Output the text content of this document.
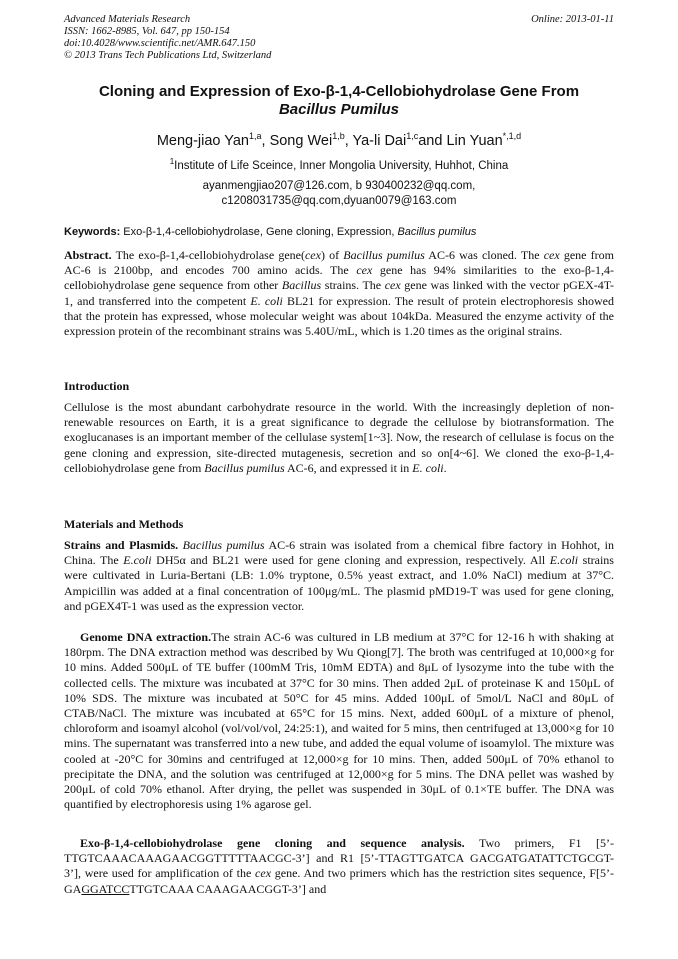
Advanced Materials Research
ISSN: 1662-8985, Vol. 647, pp 150-154
doi:10.4028/www.scientific.net/AMR.647.150
© 2013 Trans Tech Publications Ltd, Switzerland
Online: 2013-01-11
Cloning and Expression of Exo-β-1,4-Cellobiohydrolase Gene From
Bacillus Pumilus
Meng-jiao Yan$^{1,a}$, Song Wei$^{1,b}$, Ya-li Dai$^{1,c}$and Lin Yuan$^{*,1,d}$
$^1$Institute of Life Sceince, Inner Mongolia University, Huhhot, China
ayanmengjiao207@126.com, b 930400232@qq.com,
c1208031735@qq.com,dyuan0079@163.com
Keywords: Exo-β-1,4-cellobiohydrolase, Gene cloning, Expression, Bacillus pumilus
Abstract. The exo-β-1,4-cellobiohydrolase gene(cex) of Bacillus pumilus AC-6 was cloned. The cex gene from AC-6 is 2100bp, and encodes 700 amino acids. The cex gene has 94% similarities to the exo-β-1,4-cellobiohydrolase gene sequence from other Bacillus strains. The cex gene was linked with the vector pGEX-4T-1, and transferred into the competent E. coli BL21 for expression. The result of protein electrophoresis showed that the protein has expressed, whose molecular weight was about 104kDa. Measured the enzyme activity of the expression protein of the recombinant strains was 5.40U/mL, which is 1.20 times as the original strains.
Introduction
Cellulose is the most abundant carbohydrate resource in the world. With the increasingly depletion of non-renewable resources on Earth, it is a great significance to degrade the cellulose by biotransformation. The exoglucanases is an important member of the cellulase system[1~3]. Now, the research of cellulase is focus on the gene cloning and expression, site-directed mutagenesis, secretion and so on[4~6]. We cloned the exo-β-1,4-cellobiohydrolase gene from Bacillus pumilus AC-6, and expressed it in E. coli.
Materials and Methods
Strains and Plasmids. Bacillus pumilus AC-6 strain was isolated from a chemical fibre factory in Hohhot, in China. The E.coli DH5α and BL21 were used for gene cloning and expression, respectively. All E.coli strains were cultivated in Luria-Bertani (LB: 1.0% tryptone, 0.5% yeast extract, and 1.0% NaCl) medium at 37°C. Ampicillin was added at a final concentration of 100μg/mL. The plasmid pMD19-T was used for gene cloning, and pGEX4T-1 was used as the expression vector.
Genome DNA extraction.The strain AC-6 was cultured in LB medium at 37°C for 12-16 h with shaking at 180rpm. The DNA extraction method was described by Wu Qiong[7]. The broth was centrifuged at 10,000×g for 10 mins. Added 500μL of TE buffer (100mM Tris, 10mM EDTA) and 8μL of lysozyme into the tube with the collected cells. The mixture was incubated at 37°C for 30 mins. Then added 2μL of proteinase K and 150μL of 10% SDS. The mixture was incubated at 50°C for 45 mins. Added 100μL of 5mol/L NaCl and 80μL of CTAB/NaCl. The mixture was incubated at 65°C for 15 mins. Next, added 600μL of a mixture of phenol, chloroform and isoamyl alcohol (vol/vol/vol, 24:25:1), and waited for 5 mins, then centrifuged at 13,000×g for 10 mins. The supernatant was transferred into a new tube, and added the equal volume of isoamylol. The mixture was cooled at -20°C for 30mins and centrifuged at 12,000×g for 10 mins. Then, added 500μL of 70% ethanol to precipitate the DNA, and the solution was centrifuged at 12,000×g for 5 mins. The DNA pellet was washed by 200μL of cold 70% ethanol. After drying, the pellet was suspended in 30μL of 0.1×TE buffer. The DNA was quantified by electrophoresis using 1% agarose gel.
Exo-β-1,4-cellobiohydrolase gene cloning and sequence analysis. Two primers, F1 [5’-TTGTCAAACAAAGAACGGTTTTTAACGC-3’] and R1 [5’-TTAGTTGATCA GACGATGATATTCTGCGT-3’], were used for amplification of the cex gene. And two primers which has the restriction sites sequence, F[5’-GAGGATCCTTGTCAAA CAAAGAACGGT-3’] and
